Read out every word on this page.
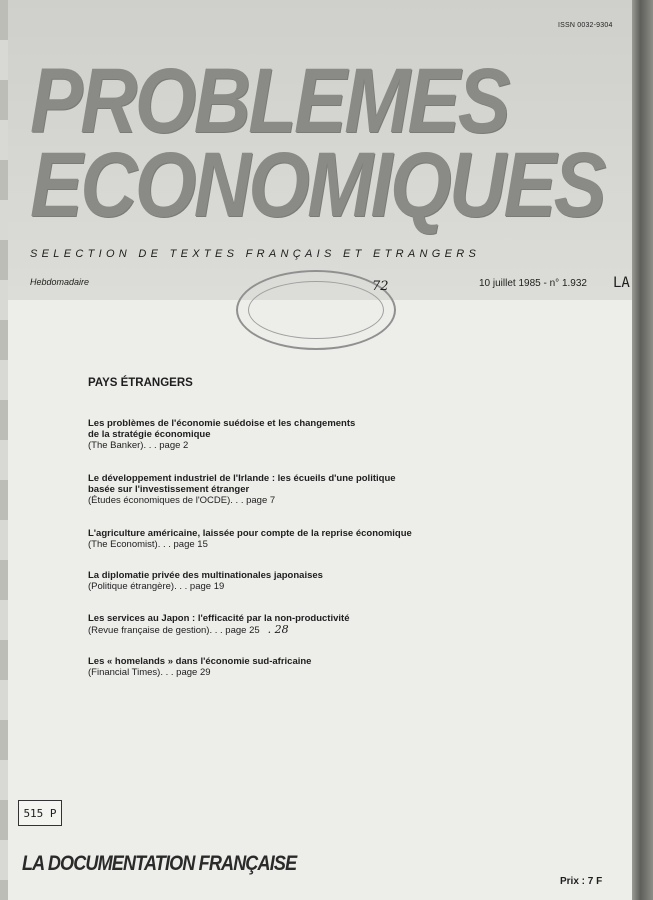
ISSN 0032-9304
PROBLEMES
ECONOMIQUES
SELECTION DE TEXTES FRANÇAIS ET ETRANGERS
Hebdomadaire	72	10 juillet 1985 - n° 1.932 LA
PAYS ÉTRANGERS
Les problèmes de l'économie suédoise et les changements
de la stratégie économique
(The Banker). . . page 2
Le développement industriel de l'Irlande : les écueils d'une politique
basée sur l'investissement étranger
(Études économiques de l'OCDE). . . page 7
L'agriculture américaine, laissée pour compte de la reprise économique
(The Economist). . . page 15
La diplomatie privée des multinationales japonaises
(Politique étrangère). . . page 19
Les services au Japon : l'efficacité par la non-productivité
(Revue française de gestion). . . page 25 . 28
Les « homelands » dans l'économie sud-africaine
(Financial Times). . . page 29
515 P
LA DOCUMENTATION FRANÇAISE
Prix : 7 F
